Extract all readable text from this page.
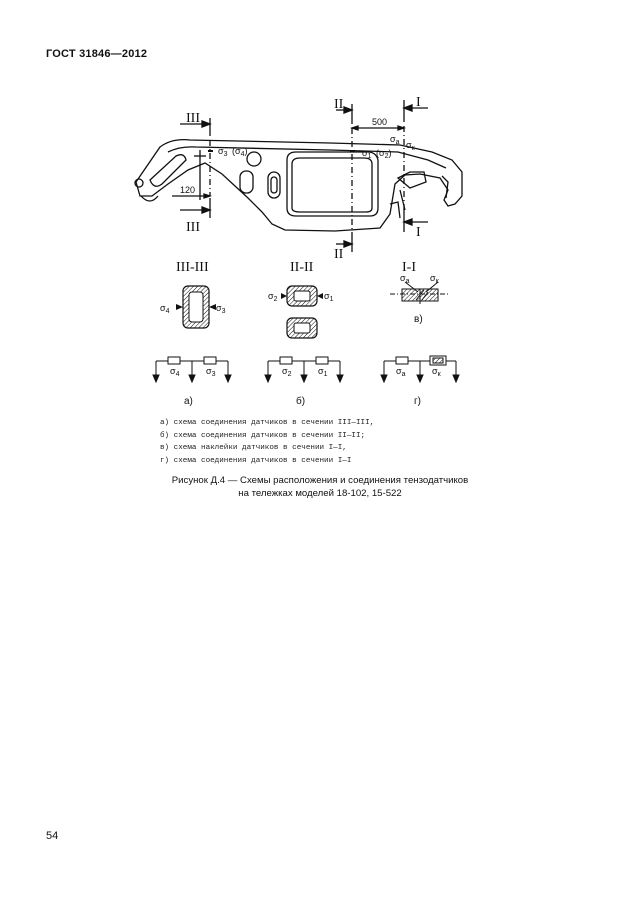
ГОСТ 31846—2012
III
III
II
II
I
I
500
120
$\sigma_3$ $(\sigma_4)$	$\sigma_1$ $(\sigma_2)$
$\sigma_а$ $\sigma_к$
III-III	II-II	I-I
$\sigma_4$	$\sigma_3$
$\sigma_2$	$\sigma_1$
$\sigma_а$ $\sigma_к$
в)
$\sigma_4$	$\sigma_3$
а)
$\sigma_2$	$\sigma_1$
б)
$\sigma_а$	$\sigma_к$
г)
а) схема соединения датчиков в сечении III—III,
б) схема соединения датчиков в сечении II—II;
в) схема наклейки датчиков в сечении I—I,
г) схема соединения датчиков в сечении I—I
Рисунок Д.4 — Схемы расположения и соединения тензодатчиков
на тележках моделей 18-102, 15-522
54
